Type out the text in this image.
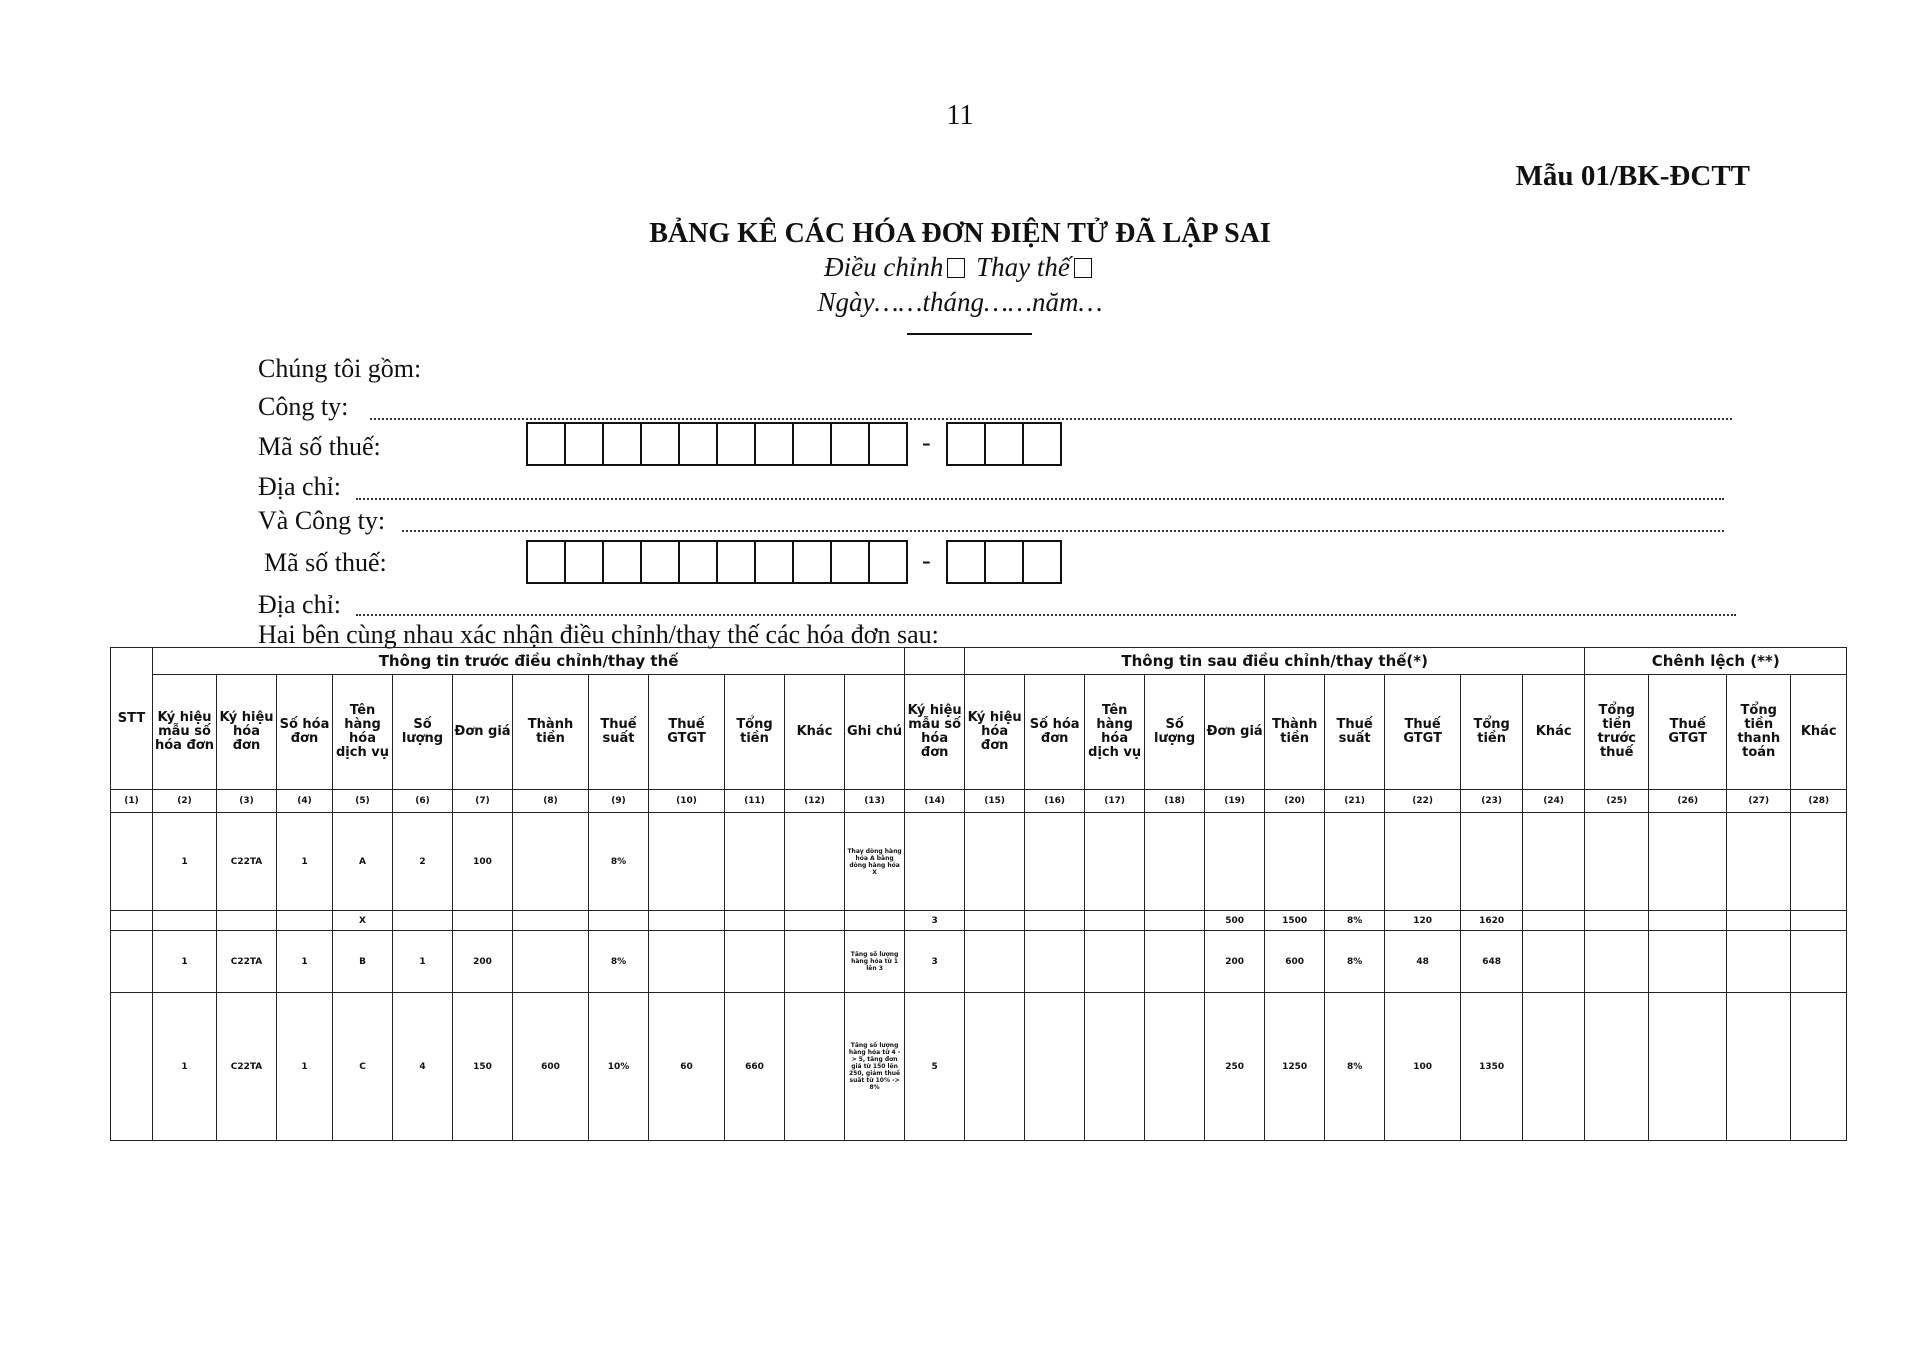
11
Mẫu 01/BK-ĐCTT
BẢNG KÊ CÁC HÓA ĐƠN ĐIỆN TỬ ĐÃ LẬP SAI
Điều chỉnh Thay thế
Ngày……tháng……năm…
Chúng tôi gồm:
Công ty:
Mã số thuế:	-
Địa chỉ:
Và Công ty:
Mã số thuế:	-
Địa chỉ:
Hai bên cùng nhau xác nhận điều chỉnh/thay thế các hóa đơn sau:
STT	Thông tin trước điều chỉnh/thay thế													Thông tin sau điều chỉnh/thay thế(*)										Chênh lệch (**)			
	Ký hiệu mẫu số hóa đơn	Ký hiệu hóa đơn	Số hóa đơn	Tên hàng hóa dịch vụ	Số lượng	Đơn giá	Thành tiền	Thuế suất	Thuế GTGT	Tổng tiền	Khác	Ghi chú	Ký hiệu mẫu số hóa đơn	Ký hiệu hóa đơn	Số hóa đơn	Tên hàng hóa dịch vụ	Số lượng	Đơn giá	Thành tiền	Thuế suất	Thuế GTGT	Tổng tiền	Khác	Tổng tiền trước thuế	Thuế GTGT	Tổng tiền thanh toán	Khác
(1)	(2)	(3)	(4)	(5)	(6)	(7)	(8)	(9)	(10)	(11)	(12)	(13)	(14)	(15)	(16)	(17)	(18)	(19)	(20)	(21)	(22)	(23)	(24)	(25)	(26)	(27)	(28)
	1	C22TA	1	A	2	100		8%				Thay dòng hàng hóa A bằng dòng hàng hóa X															
				X									3					500	1500	8%	120	1620					
	1	C22TA	1	B	1	200		8%				Tăng số lượng hàng hóa từ 1 lên 3	3					200	600	8%	48	648					
	1	C22TA	1	C	4	150	600	10%	60	660		Tăng số lượng hàng hóa từ 4 -> 5, tăng đơn giá từ 150 lên 250, giảm thuế suất từ 10% -> 8%	5					250	1250	8%	100	1350					
